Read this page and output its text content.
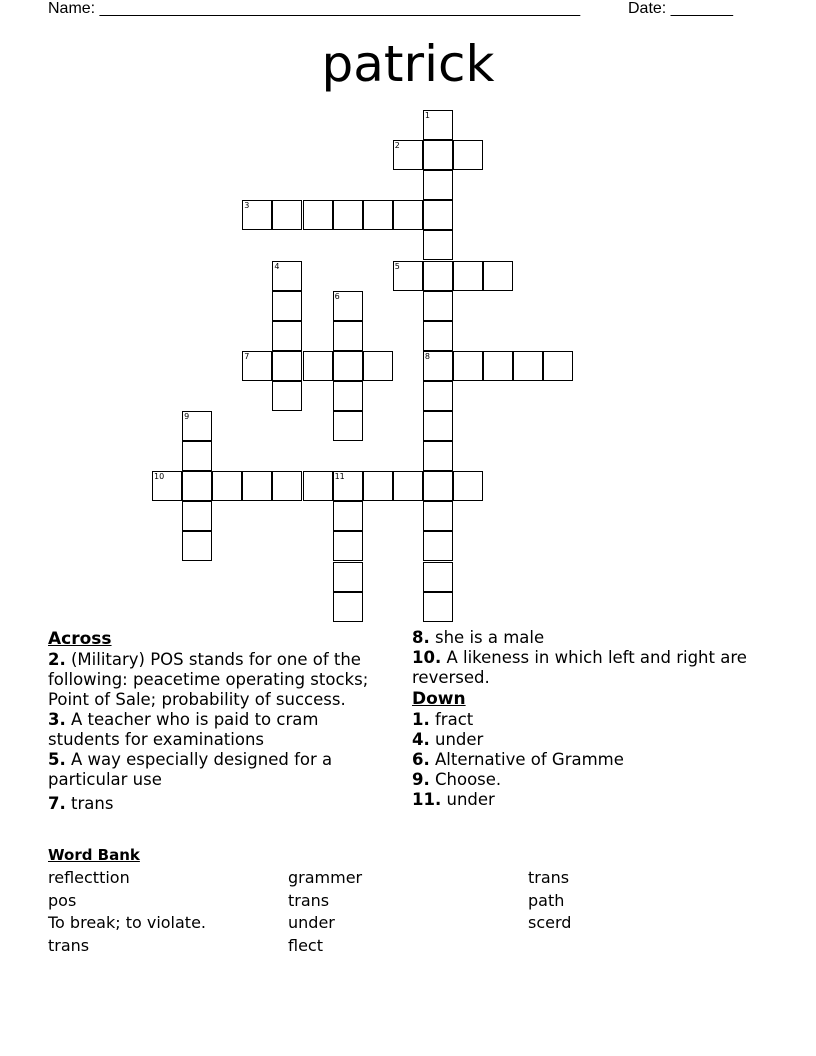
Name: ______________________________________________________	Date: _______
patrick
1
2
3
4	5
6
7	8
9
10	11

Across

2. (Military) POS stands for one of the following: peacetime operating stocks; Point of Sale; probability of success.

3. A teacher who is paid to cram students for examinations

5. A way especially designed for a particular use

7. trans

8. she is a male

10. A likeness in which left and right are reversed.

Down

1. fract

4. under

6. Alternative of Gramme

9. Choose.

11. under

Word Bank

reflecttion	grammer	trans
pos	trans	path
To break; to violate.	under	scerd
trans	flect
